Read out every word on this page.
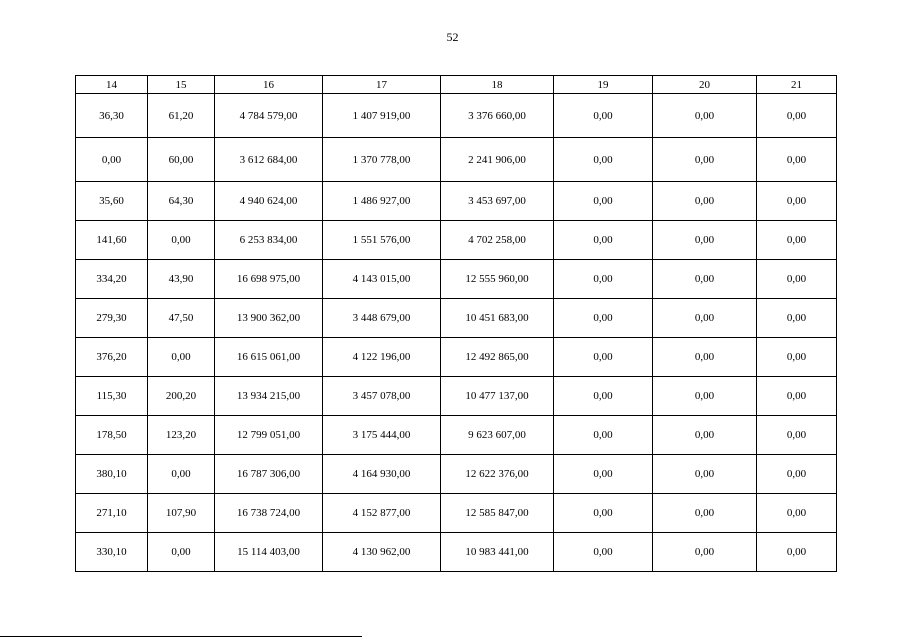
52
14	15	16	17	18	19	20	21
36,30	61,20	4 784 579,00	1 407 919,00	3 376 660,00	0,00	0,00	0,00
0,00	60,00	3 612 684,00	1 370 778,00	2 241 906,00	0,00	0,00	0,00
35,60	64,30	4 940 624,00	1 486 927,00	3 453 697,00	0,00	0,00	0,00
141,60	0,00	6 253 834,00	1 551 576,00	4 702 258,00	0,00	0,00	0,00
334,20	43,90	16 698 975,00	4 143 015,00	12 555 960,00	0,00	0,00	0,00
279,30	47,50	13 900 362,00	3 448 679,00	10 451 683,00	0,00	0,00	0,00
376,20	0,00	16 615 061,00	4 122 196,00	12 492 865,00	0,00	0,00	0,00
115,30	200,20	13 934 215,00	3 457 078,00	10 477 137,00	0,00	0,00	0,00
178,50	123,20	12 799 051,00	3 175 444,00	9 623 607,00	0,00	0,00	0,00
380,10	0,00	16 787 306,00	4 164 930,00	12 622 376,00	0,00	0,00	0,00
271,10	107,90	16 738 724,00	4 152 877,00	12 585 847,00	0,00	0,00	0,00
330,10	0,00	15 114 403,00	4 130 962,00	10 983 441,00	0,00	0,00	0,00
